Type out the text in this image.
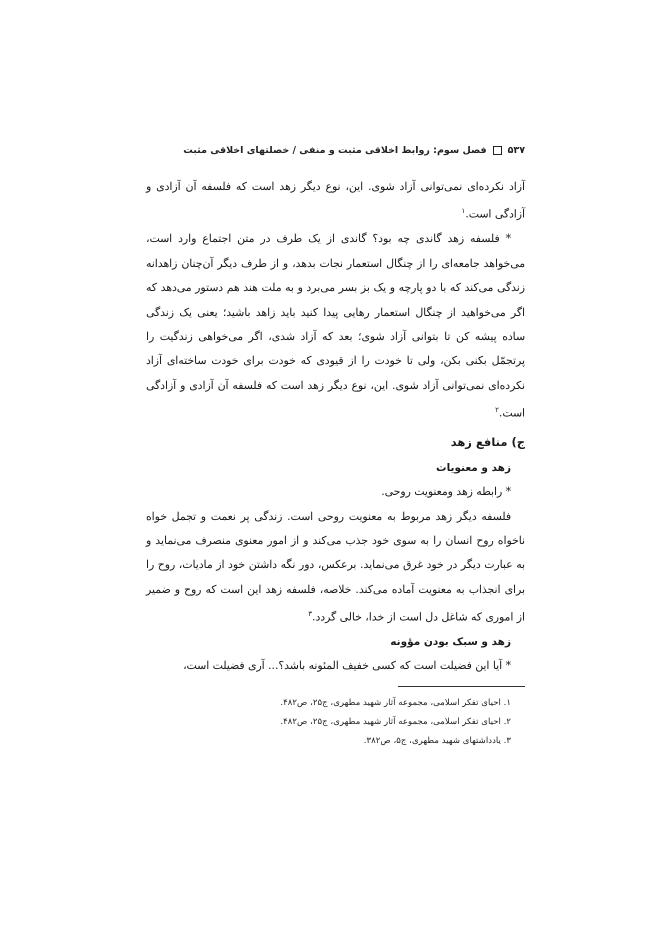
۵۳۷
فصل سوم: روابط اخلاقی مثبت و منفی / خصلتهای اخلاقی مثبت

آزاد نکرده‌ای نمی‌توانی آزاد شوی. این، نوع دیگر زهد است که فلسفه آن آزادی و آزادگی است.$^۱$

* فلسفه زهد گاندی چه بود؟ گاندی از یک طرف در متن اجتماع وارد است، می‌خواهد جامعه‌ای را از چنگال استعمار نجات بدهد، و از طرف دیگر آن‌چنان زاهدانه زندگی می‌کند که با دو پارچه و یک بز بسر می‌برد و به ملت هند هم دستور می‌دهد که اگر می‌خواهید از چنگال استعمار رهایی پیدا کنید باید زاهد باشید؛ یعنی یک زندگی ساده پیشه کن تا بتوانی آزاد شوی؛ بعد که آزاد شدی، اگر می‌خواهی زندگیت را پرتجمّل بکنی بکن، ولی تا خودت را از قیودی که خودت برای خودت ساخته‌ای آزاد نکرده‌ای نمی‌توانی آزاد شوی. این، نوع دیگر زهد است که فلسفه آن آزادی و آزادگی است.$^۲$

ج) منافع زهد
زهد و معنویات

* رابطه زهد ومعنویت روحی.

فلسفه دیگر زهد مربوط به معنویت روحی است. زندگی پر نعمت و تجمل خواه ناخواه روح انسان را به سوی خود جذب می‌کند و از امور معنوی منصرف می‌نماید و به عبارت دیگر در خود غرق می‌نماید. برعکس، دور نگه داشتن خود از مادیات، روح را برای انجذاب به معنویت آماده می‌کند. خلاصه، فلسفه زهد این است که روح و ضمیر از اموری که شاغل دل است از خدا، خالی گردد.$^۳$

زهد و سبک بودن مؤونه

* آیا این فضیلت است که کسی خفیف المئونه باشد؟... آری فضیلت است،

۱. احیای تفکر اسلامی، مجموعه آثار شهید مطهری، ج۲۵، ص۴۸۲.

۲. احیای تفکر اسلامی، مجموعه آثار شهید مطهری، ج۲۵، ص۴۸۲.

۳. یادداشتهای شهید مطهری، ج۵، ص۳۸۲.
